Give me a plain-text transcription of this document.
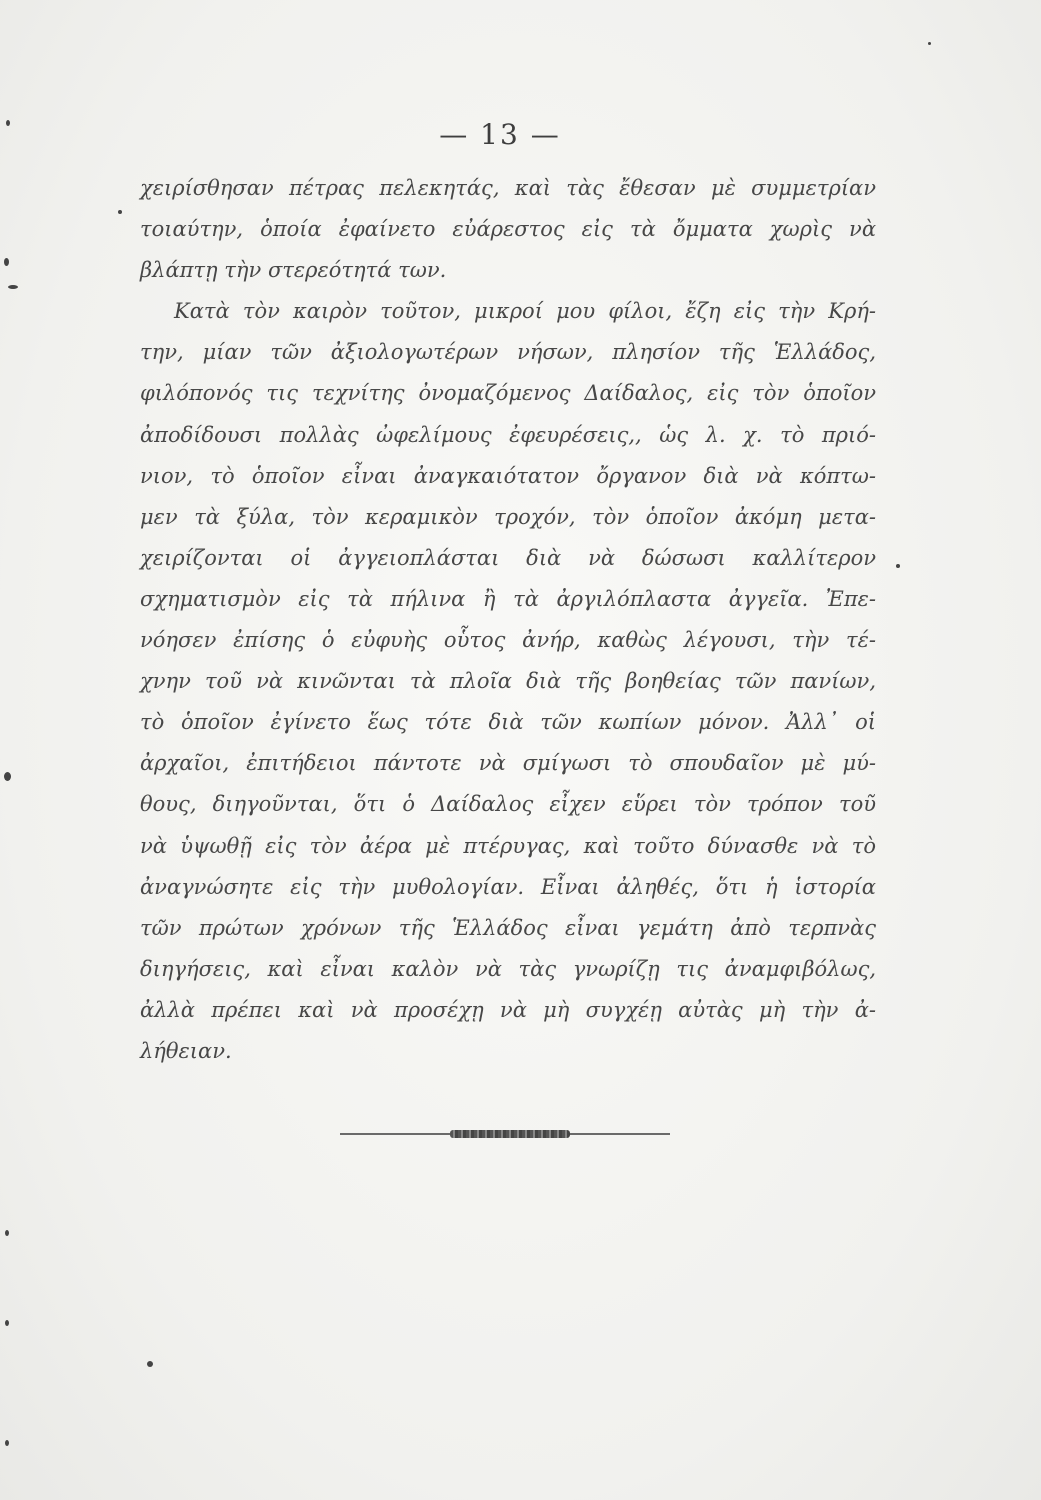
— 13 —
χειρίσθησαν πέτρας πελεκητάς, καὶ τὰς ἔθεσαν μὲ συμμετρίαν
τοιαύτην, ὁποία ἐφαίνετο εὐάρεστος εἰς τὰ ὄμματα χωρὶς νὰ
βλάπτῃ τὴν στερεότητά των.
Κατὰ τὸν καιρὸν τοῦτον, μικροί μου φίλοι, ἔζη εἰς τὴν Κρή-
την, μίαν τῶν ἀξιολογωτέρων νήσων, πλησίον τῆς Ἑλλάδος,
φιλόπονός τις τεχνίτης ὀνομαζόμενος Δαίδαλος, εἰς τὸν ὁποῖον
ἀποδίδουσι πολλὰς ὠφελίμους ἐφευρέσεις,, ὡς λ. χ. τὸ πριό-
νιον, τὸ ὁποῖον εἶναι ἀναγκαιότατον ὄργανον διὰ νὰ κόπτω-
μεν τὰ ξύλα, τὸν κεραμικὸν τροχόν, τὸν ὁποῖον ἀκόμη μετα-
χειρίζονται οἱ ἀγγειοπλάσται διὰ νὰ δώσωσι καλλίτερον
σχηματισμὸν εἰς τὰ πήλινα ἢ τὰ ἀργιλόπλαστα ἀγγεῖα. Ἐπε-
νόησεν ἐπίσης ὁ εὐφυὴς οὗτος ἀνήρ, καθὼς λέγουσι, τὴν τέ-
χνην τοῦ νὰ κινῶνται τὰ πλοῖα διὰ τῆς βοηθείας τῶν πανίων,
τὸ ὁποῖον ἐγίνετο ἕως τότε διὰ τῶν κωπίων μόνον. Ἀλλ᾽ οἱ
ἀρχαῖοι, ἐπιτήδειοι πάντοτε νὰ σμίγωσι τὸ σπουδαῖον μὲ μύ-
θους, διηγοῦνται, ὅτι ὁ Δαίδαλος εἶχεν εὕρει τὸν τρόπον τοῦ
νὰ ὑψωθῇ εἰς τὸν ἀέρα μὲ πτέρυγας, καὶ τοῦτο δύνασθε νὰ τὸ
ἀναγνώσητε εἰς τὴν μυθολογίαν. Εἶναι ἀληθές, ὅτι ἡ ἱστορία
τῶν πρώτων χρόνων τῆς Ἑλλάδος εἶναι γεμάτη ἀπὸ τερπνὰς
διηγήσεις, καὶ εἶναι καλὸν νὰ τὰς γνωρίζῃ τις ἀναμφιβόλως,
ἀλλὰ πρέπει καὶ νὰ προσέχῃ νὰ μὴ συγχέῃ αὐτὰς μὴ τὴν ἀ-
λήθειαν.
